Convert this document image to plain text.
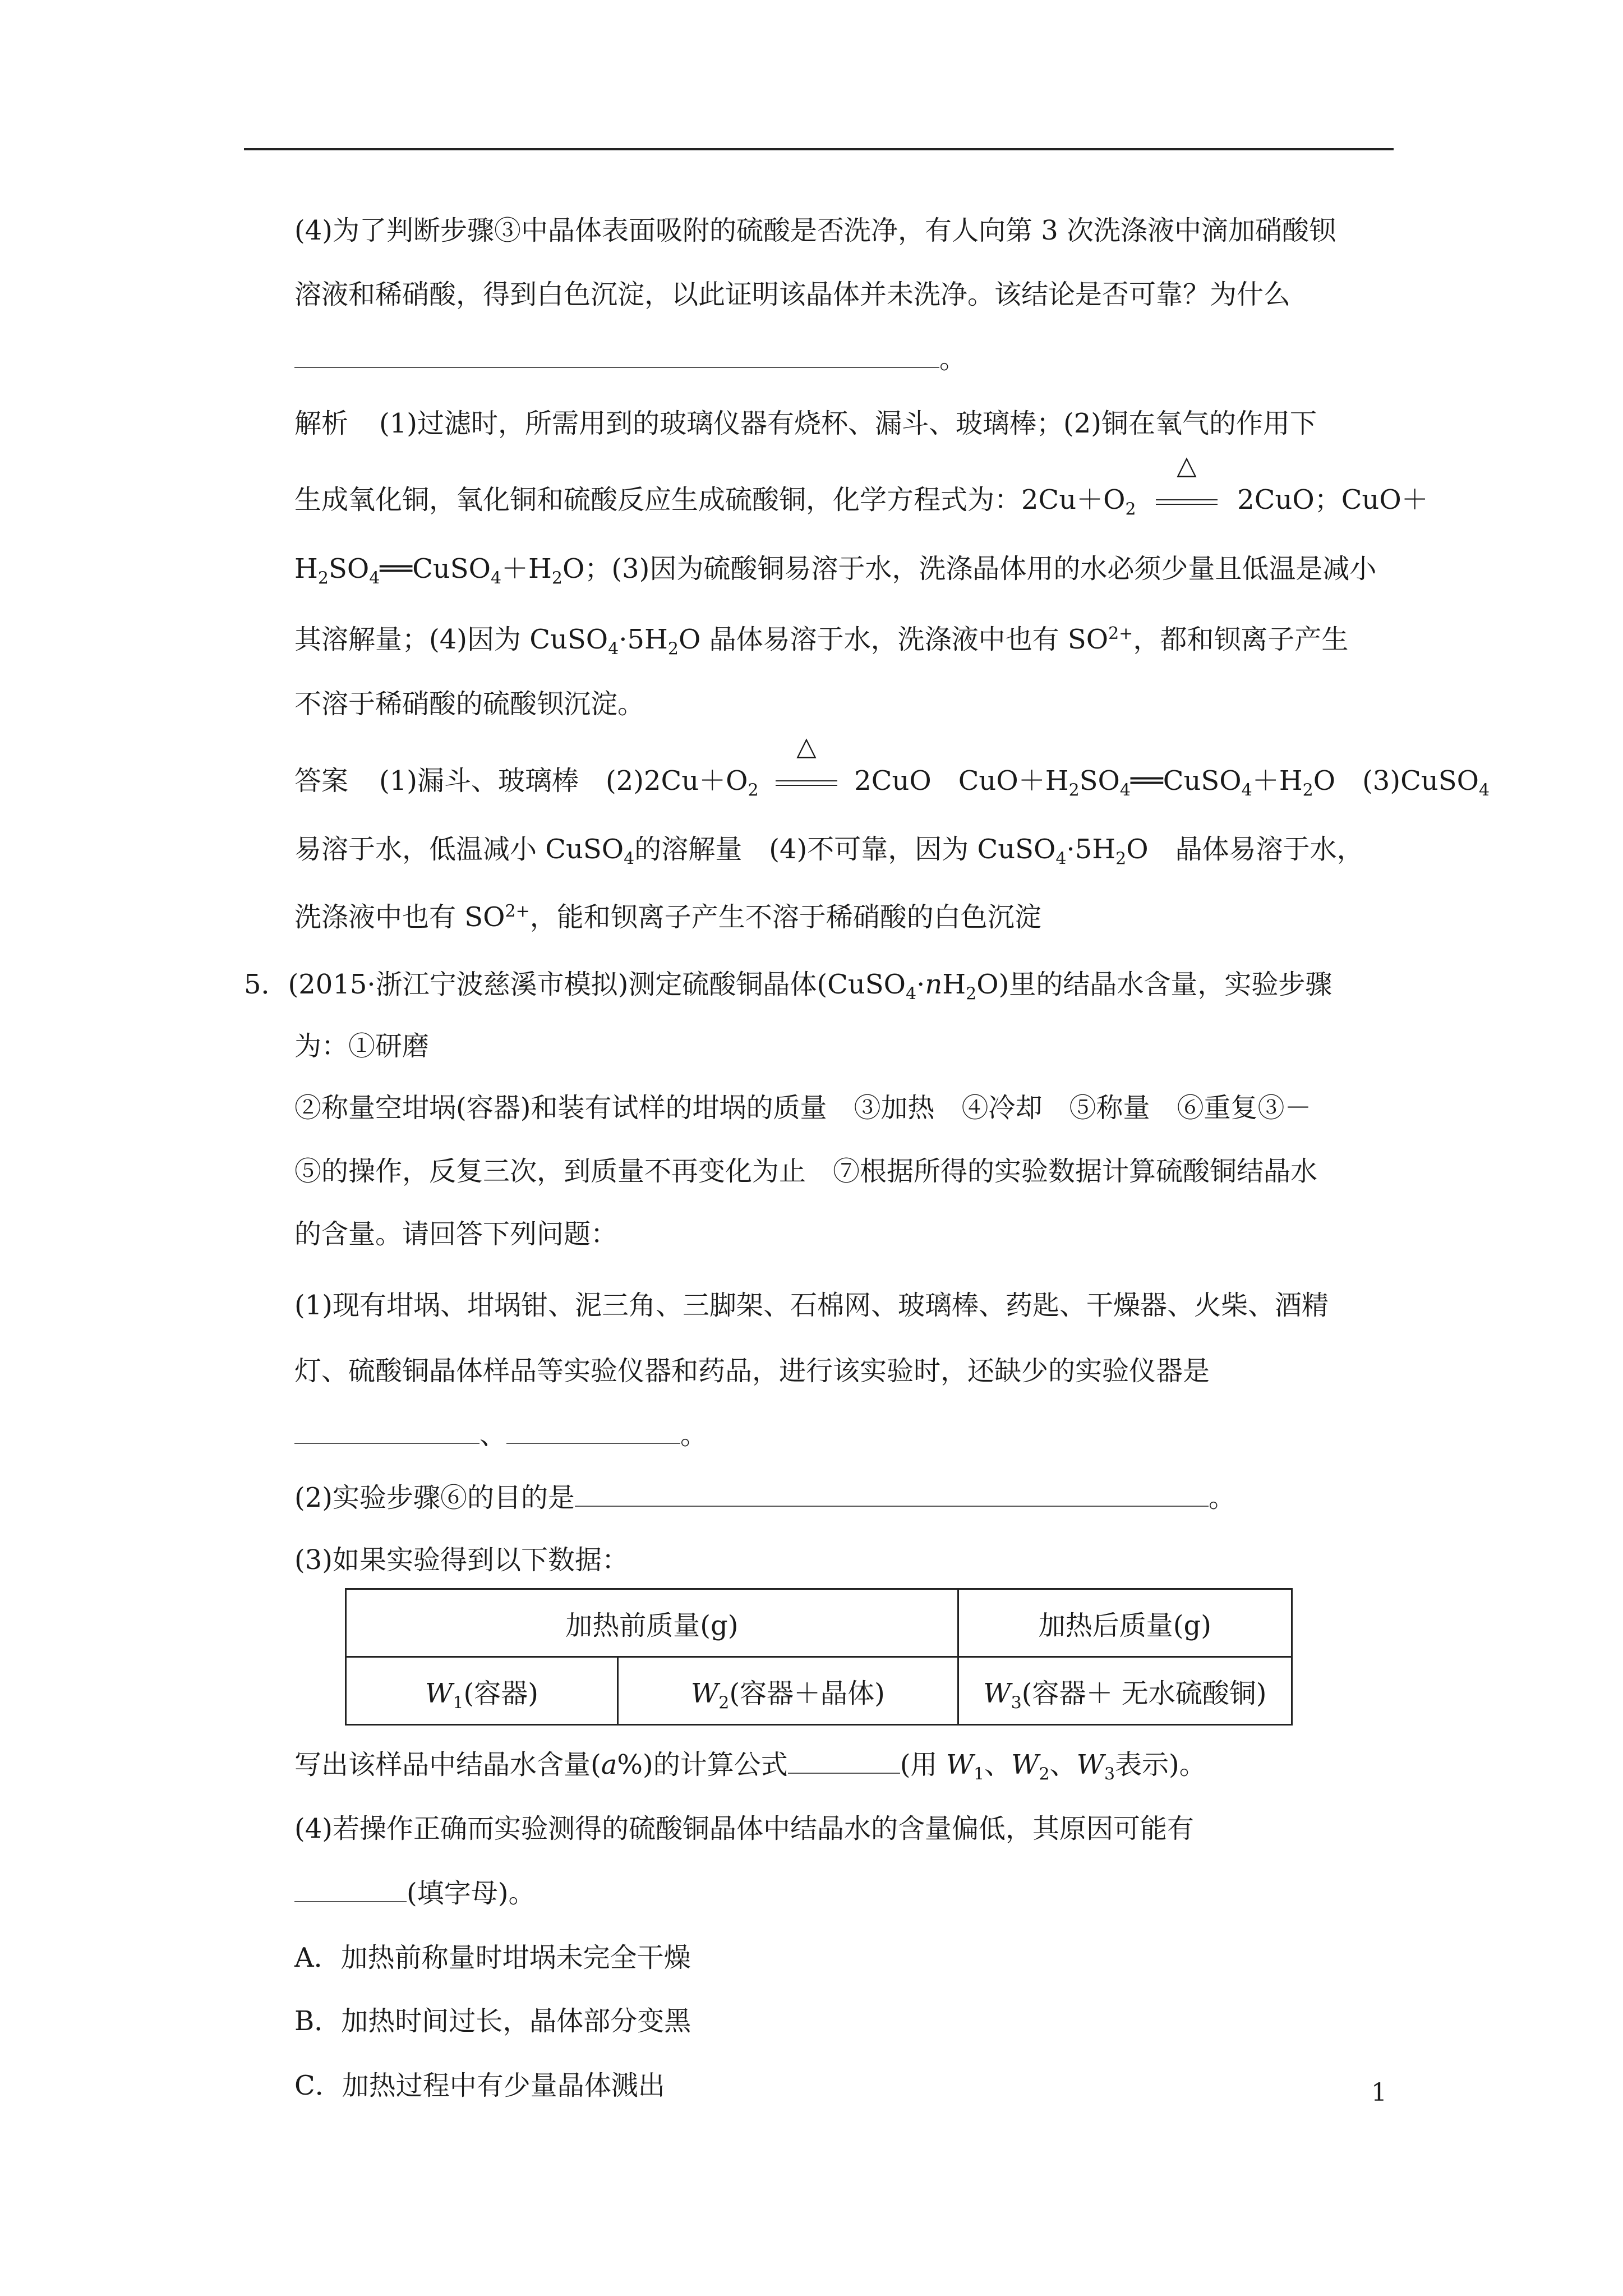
(4)为了判断步骤③中晶体表面吸附的硫酸是否洗净，有人向第 3 次洗涤液中滴加硝酸钡
溶液和稀硝酸，得到白色沉淀，以此证明该晶体并未洗净。该结论是否可靠？为什么
。
解析 (1)过滤时，所需用到的玻璃仪器有烧杯、漏斗、玻璃棒；(2)铜在氧气的作用下
生成氧化铜，氧化铜和硫酸反应生成硫酸铜，化学方程式为：$2Cu+O_2$
△
2CuO；CuO＋
$H_2SO_4══CuSO_4+H_2O$；(3)因为硫酸铜易溶于水，洗涤晶体用的水必须少量且低温是减小
其溶解量；(4)因为 $CuSO_4\cdot 5H_2O$ 晶体易溶于水，洗涤液中也有 $SO^{2+}$，都和钡离子产生
不溶于稀硝酸的硫酸钡沉淀。
答案 (1)漏斗、玻璃棒　$(2)2Cu+O_2$
△
2CuO　$CuO+H_2SO_4══CuSO_4+H_2O$　(3)CuSO$_4$
易溶于水，低温减小 CuSO$_4$的溶解量　(4)不可靠，因为 $CuSO_4\cdot 5H_2O$　晶体易溶于水，
洗涤液中也有 $SO^{2+}$，能和钡离子产生不溶于稀硝酸的白色沉淀
5．(2015·浙江宁波慈溪市模拟)测定硫酸铜晶体$(CuSO_4\cdot nH_2O)$里的结晶水含量，实验步骤
为：①研磨
②称量空坩埚(容器)和装有试样的坩埚的质量　③加热　④冷却　⑤称量　⑥重复③－
⑤的操作，反复三次，到质量不再变化为止　⑦根据所得的实验数据计算硫酸铜结晶水
的含量。请回答下列问题：
(1)现有坩埚、坩埚钳、泥三角、三脚架、石棉网、玻璃棒、药匙、干燥器、火柴、酒精
灯、硫酸铜晶体样品等实验仪器和药品，进行该实验时，还缺少的实验仪器是
、	。
(2)实验步骤⑥的目的是	。
(3)如果实验得到以下数据：
加热前质量(g)		加热后质量(g)
$W_1$(容器)	$W_2$(容器＋晶体)	$W_3$(容器＋ 无水硫酸铜)
写出该样品中结晶水含量(a%)的计算公式	(用 $W_1$、$W_2$、$W_3$表示)。
(4)若操作正确而实验测得的硫酸铜晶体中结晶水的含量偏低，其原因可能有
(填字母)。
A．加热前称量时坩埚未完全干燥
B．加热时间过长，晶体部分变黑
C．加热过程中有少量晶体溅出	1
